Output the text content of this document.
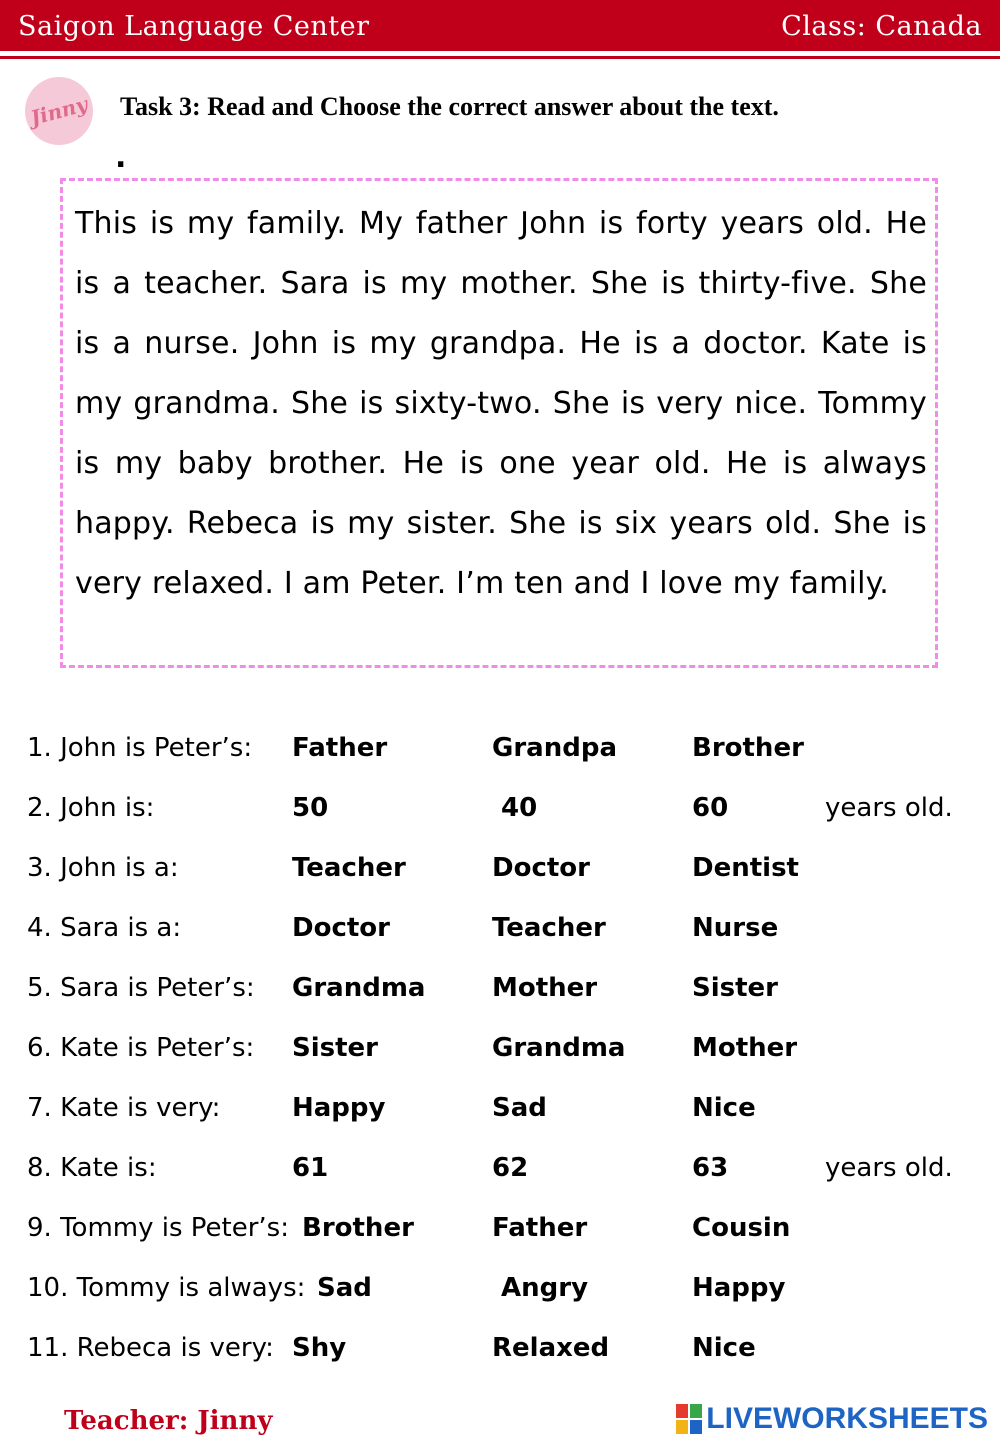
Saigon Language Center	Class: Canada
Jinny Task 3: Read and Choose the correct answer about the text.
.
This is my family. My father John is forty years old. He is a teacher. Sara is my mother. She is thirty-five. She is a nurse. John is my grandpa. He is a doctor. Kate is my grandma. She is sixty-two. She is very nice. Tommy is my baby brother. He is one year old. He is always happy. Rebeca is my sister. She is six years old. She is very relaxed. I am Peter. I’m ten and I love my family.
1. John is Peter’s: Father	Grandpa	Brother
2. John is:	50	40	60	years old.
3. John is a:	Teacher	Doctor	Dentist
4. Sara is a:	Doctor	Teacher	Nurse
5. Sara is Peter’s: Grandma	Mother	Sister
6. Kate is Peter’s: Sister	Grandma	Mother
7. Kate is very:	Happy	Sad	Nice
8. Kate is:	61	62	63	years old.
9. Tommy is Peter’s: Brother	Father	Cousin
10. Tommy is always: Sad	Angry	Happy
11. Rebeca is very: Shy	Relaxed	Nice
Teacher: Jinny	LIVEWORKSHEETS
